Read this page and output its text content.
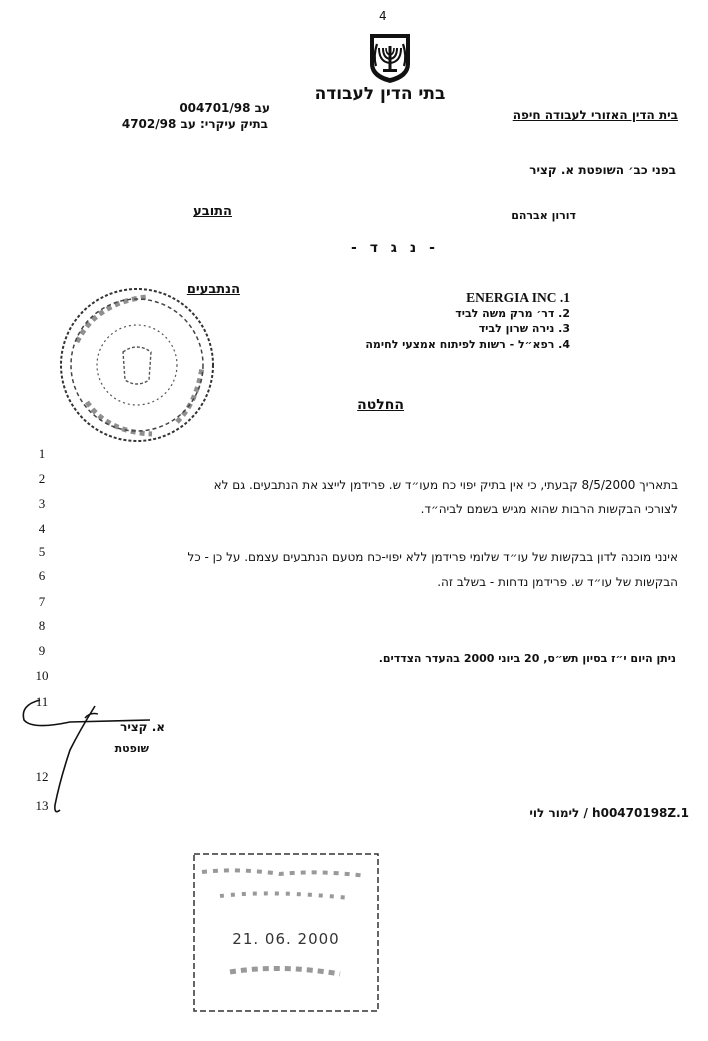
4
בתי הדין לעבודה
עב 004701/98
בתיק עיקרי: עב 4702/98
בית הדין האזורי לעבודה חיפה
בפני כב׳ השופטת א. קציר
התובע	דורון אברהם
- נ ג ד -
הנתבעים
ENERGIA INC .1
2. דר׳ מרק משה לביד
3. נירה שרון לביד
4. רפא״ל - רשות לפיתוח אמצעי לחימה
החלטה
1
2
3
4
5
6
7
8
9
10
11
12
13
בתאריך 8/5/2000 קבעתי, כי אין בתיק יפוי כח מעו״ד ש. פרידמן לייצג את הנתבעים. גם לא
לצורכי הבקשות הרבות שהוא מגיש בשמם לביה״ד.
אינני מוכנה לדון בבקשות של עו״ד שלומי פרידמן ללא יפוי-כח מטעם הנתבעים עצמם. על כן - כל
הבקשות של עו״ד ש. פרידמן נדחות - בשלב זה.
ניתן היום י״ז בסיון תש״ס, 20 ביוני 2000 בהעדר הצדדים.
א. קציר
שופטת
h00470198Z.1 / לימור לוי
21. 06. 2000
